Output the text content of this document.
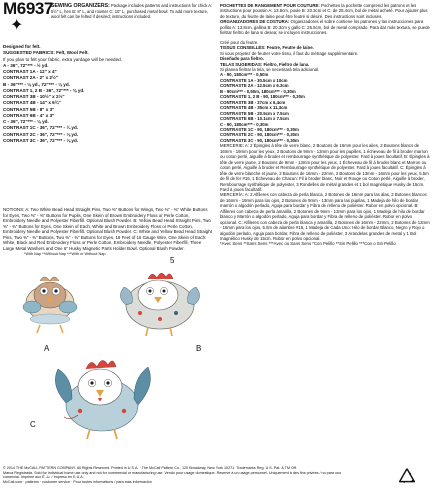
M6937
✦
SEWING ORGANIZERS: Package includes patterns and instructions for chick A: 5½" L, hen B: 8" L, and rooster C: 10" L, purchased metal bowl. To add more texture, wool felt can be felted if desired; instructions included.
Designed for felt.
SUGGESTED FABRICS: Felt, Wool Felt.
If you plan to felt your fabric, extra yardage will be needed.
A - 36", 72"*** - ½ yd.
CONTRAST 1A - 12" x 4"
CONTRAST 2A - 2" x 2½"
B - 36"*** - ⅛ yd., 72"*** - ⅛ yd.
CONTRAST 1, 2 B - 36", 72"*** - ⅜ yd.
CONTRAST 3B - 10½" x 2½"
CONTRAST 4B - 14" x 6¾"
CONTRAST 5B - 8" x 3"
CONTRAST 6B - 4" x 3"
C - 36", 72"*** - ⅛ yd.
CONTRAST 1C - 36", 72"*** - ¼ yd.
CONTRAST 2C - 36", 72"*** - ⅛ yd.
CONTRAST 3C - 36", 72"*** - ⅛ yd.
NOTIONS: A: Two White Bead Head Straight Pins, Two ⅜" Buttons for Wings, Two ⅜" - ⅜" White Buttons for Eyes, Two ⅜" - ⅜" Buttons for Pupils, One Skein of Brown Embroidery Floss or Perle Cotton, Embroidery Needle and Polyester Fiberfill. Optional Blush Powder. B: Yellow Bead Head Straight Pins, Two ⅜" - ⅜" Buttons for Eyes, One Skein of Each, White and Brown Embroidery Floss or Perle Cotton, Embroidery Needle and Polyester Fiberfill. Optional Blush Powder. C: White and Yellow Bead Head Straight Pins, Two ⅜" - ⅜" Buttons, Two ⅜" - ⅜" Buttons for Eyes, 18 Feet of 16 Gauge Wire, One Skein of Each: White, Black and Red Embroidery Floss or Perle Cotton, Embroidery Needle, Polyester Fiberfill, Three Large Metal Washers and One 6" Husky Magnetic Parts Holder Bowl. Optional Blush Powder.
*With Nap **Without Nap ***With or Without Nap
A
5
B
C
POCHETTES DE RANGEMENT POUR COUTURE: Pochettes la pochette comprend les patrons et les instructions pour poussin A: 13.8cm, poule B: 20.3cm et C: de 25.4cm, bol de métal acheté. Pour ajouter plus de texture, du feutre de laine peut être feutré si désiré. Des instructions sont incluses.
ORGANIZADORES DE COSTURA: Organizadores el sobre contiene los patrones y las instrucciones para pollito A: 13.8cm, gallina B: 20.3cm y gallo C: 25.5cm, bol de metal comprado. Para dar más textura, se puede fieltrar fieltro de lana si desea; se incluyen instrucciones.
Créé pour du feutre.
TISSUS CONSEILLÉS: Feutre, Feutre de laine.
Si vous projetez de feutrer votre tissu, il faut du métrage supplémentaire.
Diseñado para fieltro.
TELAS SUGERIDAS: Fieltro, Fieltro de lana.
Si planea fieltrar la tela, se necesitará tela adicional.
A - 90, 180cm*** - 0,50m
CONTRASTE 1A - 30.5cm x 10cm
CONTRASTE 2A - 12.5cm x 6.3cm
B - 90cm*** - 0,50m, 180cm*** - 0,30m
CONTRASTE 1, 2 B - 90, 180cm*** - 0,30m
CONTRASTE 3B - 27cm x 6,4cm
CONTRASTE 4B - 35cm x 11,3cm
CONTRASTE 5B - 20.5cm x 7.5cm
CONTRASTE 6B - 10.1cm x 7.5cm
C - 90, 180cm*** - 0,30m
CONTRASTE 1C - 90, 180cm*** - 0,30m
CONTRASTE 2C - 90, 180cm*** - 0,30m
CONTRASTE 3C - 90, 180cm*** - 0,30m
MERCERIE: A: 2 Épingles à tête de verre blanc, 2 Boutons de 16mm pour les ailes, 2 Boutons blancs de 16mm - 19mm pour les yeux, 2 Boutons de 9mm - 13mm pour les pupilles, 1 écheveau de fil à broder marron ou coton perlé, aiguille à broder et rembourrage synthétique de polyester. Fard à joues facultatif. B: Épingles à tête de verre jaune, 2 Boutons de 9mm - 13mm pour les yeux, 1 Écheveau de fil à broder blanc et Marron ou coton perlé, Aiguille à broder et Rembourrage synthétique de polyester. Fard à joues facultatif. C: Épingles à tête de verre blanche et jaune, 2 Boutons de 16mm - 22mm, 2 Boutons de 13mm - 16mm pour les yeux, 5.5m de fil de fer #16, 1 Écheveau de Chacun: Fil à broder blanc, Noir et Rouge ou Coton perlé, Aiguille à broder, Rembourrage synthétique de polyester, 3 Rondelles de métal grandes et 1 bol magnétique Husky de 15cm. Fard à joues facultatif.
MERCERÍA: A: 2 Alfileres con cabeza de perla blanca, 2 Botones de 16mm para las alas, 2 Botones blancos de 16mm - 19mm para los ojos, 2 Botones de 9mm - 13mm para las pupilas, 1 Madeja de hilo de bordar marrón o algodón perlado, Aguja para bordar y Fibra de relleno de poliéster. Rubor en polvo opcional. B: Alfileres con cabeza de perla amarilla, 2 Botones de 9mm - 13mm para los ojos, 1 Madeja de hilo de bordar blanco y Marrón o algodón perlado, Aguja para bordar y Fibra de relleno de poliéster. Rubor en polvo opcional. C: Alfileres con cabeza de perla blanca y amarilla, 2 Botones de 16mm - 22mm, 2 Botones de 13mm - 16mm para los ojos, 5.5m de alambre #16, 1 Madeja de Cada Uno: Hilo de bordar Blanco, Negro y Rojo o algodón perlado, Aguja para bordar, Fibra de relleno de poliéster, 3 Arandelas grandes de metal y 1 Bol magnético Husky de 15cm. Rubor en polvo opcional.
*Avec Sens **Sans Sens ***Avec ou Sans Sens *Con Pelillo **Sin Pelillo ***Con o Sin Pelillo
© 2014 THE McCALL PATTERN COMPANY. All Rights Reserved. Printed in U.S.A. · The McCall Pattern Co., 120 Broadway, New York 10271. Trademarks Reg. U.S. Pat. & TM Off.
Marca Registrada. Sold for individual home use only and not for commercial or manufacturing use. Vendu pour usage domestique. Reservé à un usage personnel. Uniquement à des fins privées / no para uso comercial. Imprimé aux É.-U. / Impreso en E.U.A.
McCall.com · patterns · customer service · Pour toutes informations / para más información
